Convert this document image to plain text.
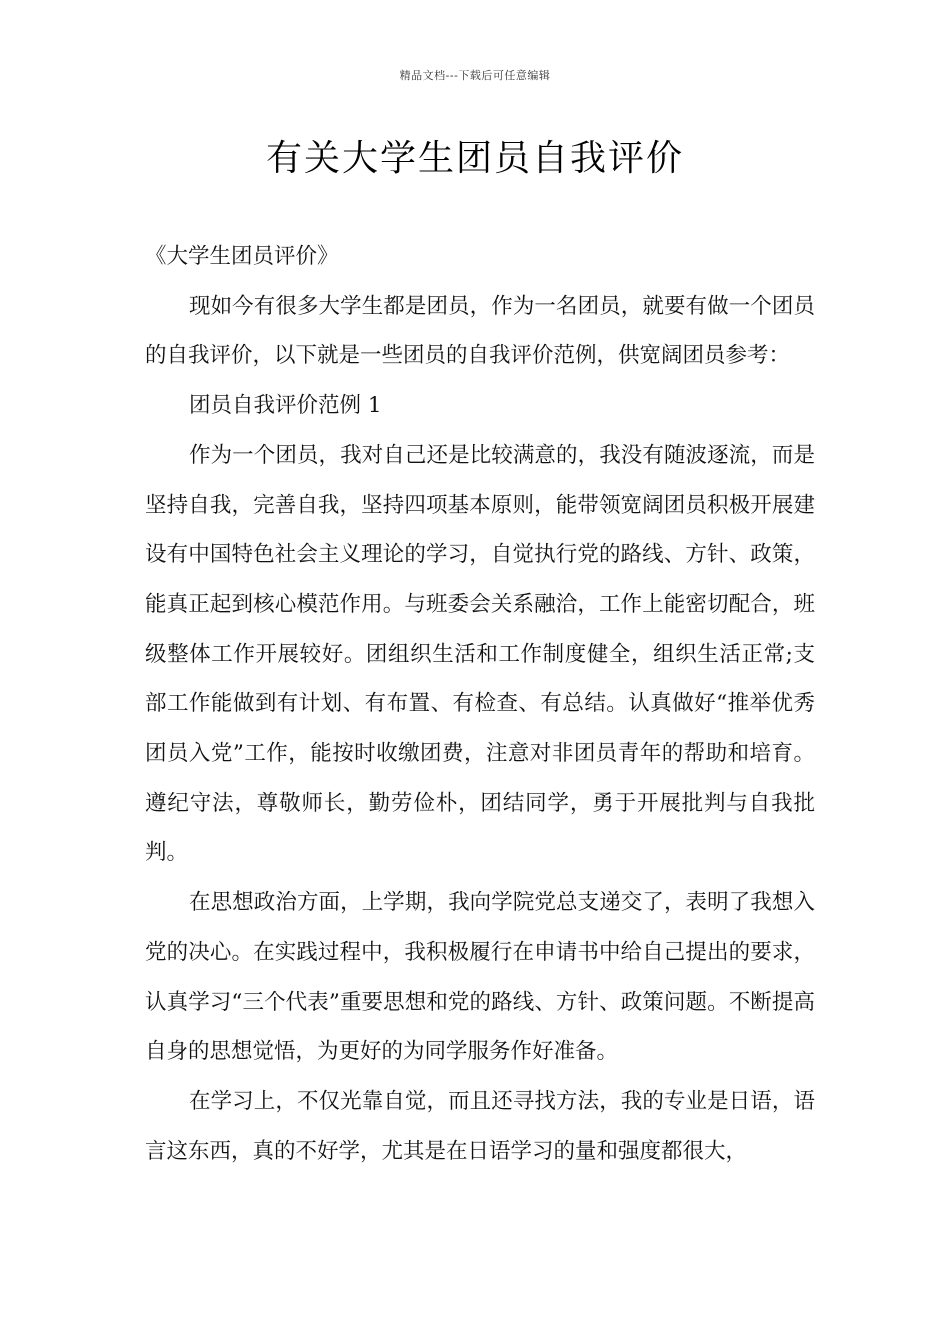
精品文档---下载后可任意编辑
有关大学生团员自我评价

《大学生团员评价》

现如今有很多大学生都是团员，作为一名团员，就要有做一个团员的自我评价，以下就是一些团员的自我评价范例，供宽阔团员参考：

团员自我评价范例 1

作为一个团员，我对自己还是比较满意的，我没有随波逐流，而是坚持自我，完善自我，坚持四项基本原则，能带领宽阔团员积极开展建设有中国特色社会主义理论的学习，自觉执行党的路线、方针、政策，能真正起到核心模范作用。与班委会关系融洽，工作上能密切配合，班级整体工作开展较好。团组织生活和工作制度健全，组织生活正常;支部工作能做到有计划、有布置、有检查、有总结。认真做好“推举优秀团员入党”工作，能按时收缴团费，注意对非团员青年的帮助和培育。遵纪守法，尊敬师长，勤劳俭朴，团结同学，勇于开展批判与自我批判。

在思想政治方面，上学期，我向学院党总支递交了，表明了我想入党的决心。在实践过程中，我积极履行在申请书中给自己提出的要求，认真学习“三个代表”重要思想和党的路线、方针、政策问题。不断提高自身的思想觉悟，为更好的为同学服务作好准备。

在学习上，不仅光靠自觉，而且还寻找方法，我的专业是日语，语言这东西，真的不好学，尤其是在日语学习的量和强度都很大，
